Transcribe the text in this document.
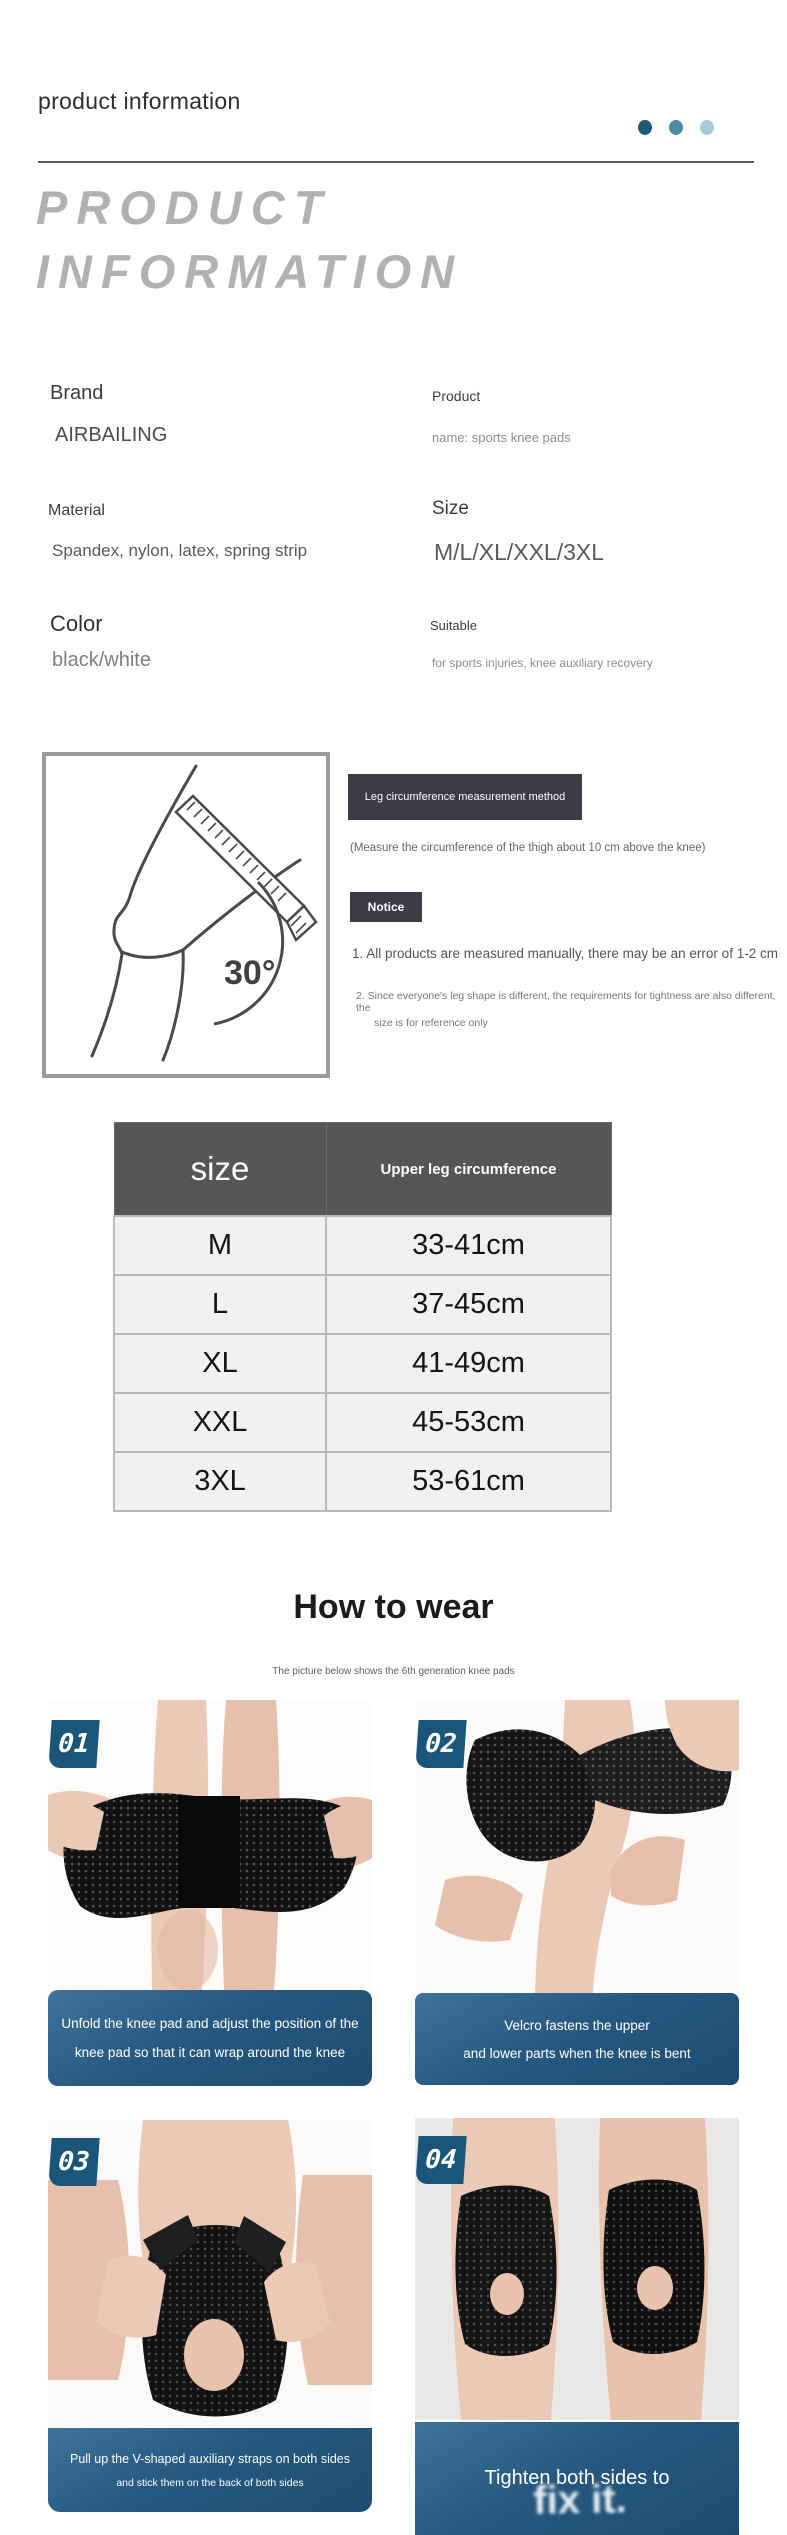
product information
PRODUCT
INFORMATION
Brand
AIRBAILING
Product
name: sports knee pads
Material
Spandex, nylon, latex, spring strip
Size
M/L/XL/XXL/3XL
Color
black/white
Suitable
for sports injuries, knee auxiliary recovery
30°
Leg circumference measurement method
(Measure the circumference of the thigh about 10 cm above the knee)
Notice
1. All products are measured manually, there may be an error of 1-2 cm
2. Since everyone's leg shape is different, the requirements for tightness are also different, the
size is for reference only
size	Upper leg circumference
M	33-41cm
L	37-45cm
XL	41-49cm
XXL	45-53cm
3XL	53-61cm
How to wear
The picture below shows the 6th generation knee pads
01	02
03	04
Unfold the knee pad and adjust the position of the
knee pad so that it can wrap around the knee
Velcro fastens the upper
and lower parts when the knee is bent
Pull up the V-shaped auxiliary straps on both sides
and stick them on the back of both sides	Tighten both sides to
fix it.
